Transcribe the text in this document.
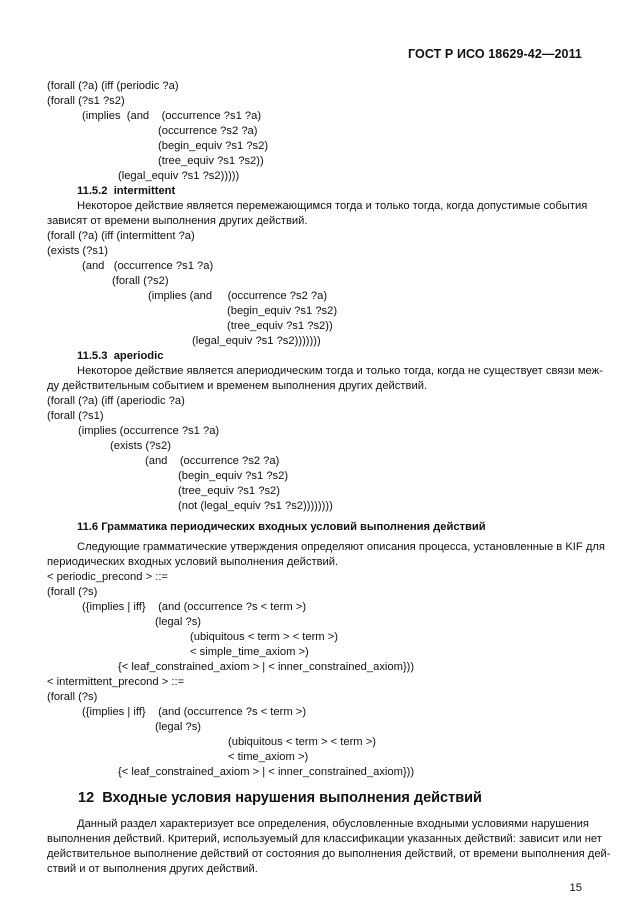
ГОСТ Р ИСО 18629-42—2011
(forall (?a) (iff (periodic ?a)
(forall (?s1 ?s2)
(implies  (and    (occurrence ?s1 ?a)
(occurrence ?s2 ?a)
(begin_equiv ?s1 ?s2)
(tree_equiv ?s1 ?s2))
(legal_equiv ?s1 ?s2)))))
11.5.2  intermittent
Некоторое действие является перемежающимся тогда и только тогда, когда допустимые события
зависят от времени выполнения других действий.
(forall (?a) (iff (intermittent ?a)
(exists (?s1)
(and   (occurrence ?s1 ?a)
(forall (?s2)
(implies (and     (occurrence ?s2 ?a)
(begin_equiv ?s1 ?s2)
(tree_equiv ?s1 ?s2))
(legal_equiv ?s1 ?s2)))))))
11.5.3  aperiodic
Некоторое действие является апериодическим тогда и только тогда, когда не существует связи меж-
ду действительным событием и временем выполнения других действий.
(forall (?a) (iff (aperiodic ?a)
(forall (?s1)
(implies (occurrence ?s1 ?a)
(exists (?s2)
(and    (occurrence ?s2 ?a)
(begin_equiv ?s1 ?s2)
(tree_equiv ?s1 ?s2)
(not (legal_equiv ?s1 ?s2))))))))
11.6 Грамматика периодических входных условий выполнения действий
Следующие грамматические утверждения определяют описания процесса, установленные в KIF для
периодических входных условий выполнения действий.
< periodic_precond > ::=
(forall (?s)
({implies | iff}    (and (occurrence ?s < term >)
(legal ?s)
(ubiquitous < term > < term >)
< simple_time_axiom >)
{< leaf_constrained_axiom > | < inner_constrained_axiom}))
< intermittent_precond > ::=
(forall (?s)
({implies | iff}    (and (occurrence ?s < term >)
(legal ?s)
(ubiquitous < term > < term >)
< time_axiom >)
{< leaf_constrained_axiom > | < inner_constrained_axiom}))
12 Входные условия нарушения выполнения действий
Данный раздел характеризует все определения, обусловленные входными условиями нарушения
выполнения действий. Критерий, используемый для классификации указанных действий: зависит или нет
действительное выполнение действий от состояния до выполнения действий, от времени выполнения дей-
ствий и от выполнения других действий.
15
